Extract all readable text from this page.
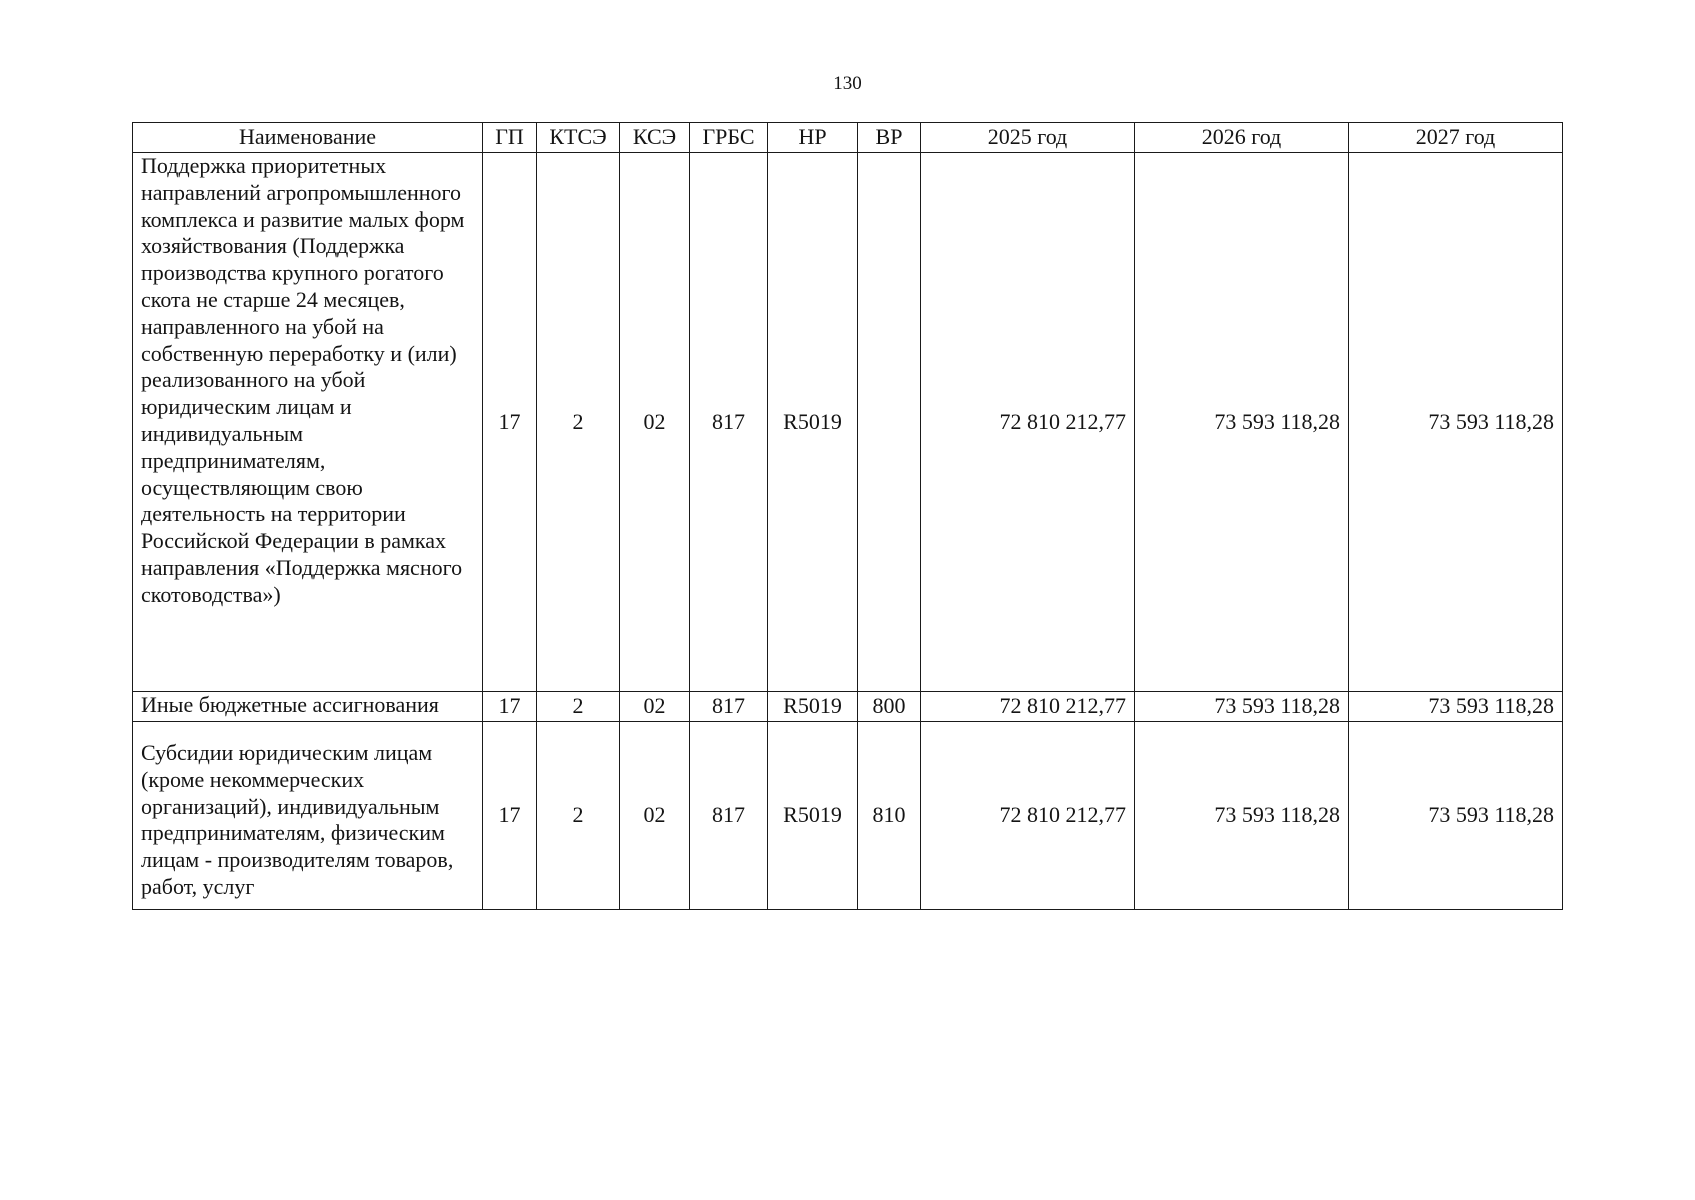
130
Наименование	ГП	КТСЭ	КСЭ	ГРБС	НР	ВР	2025 год	2026 год	2027 год
Поддержка приоритетных направлений агропромышленного комплекса и развитие малых форм хозяйствования (Поддержка производства крупного рогатого скота не старше 24 месяцев, направленного на убой на собственную переработку и (или) реализованного на убой юридическим лицам и индивидуальным предпринимателям, осуществляющим свою деятельность на территории Российской Федерации в рамках направления «Поддержка мясного скотоводства»)	17	2	02	817	R5019		72 810 212,77	73 593 118,28	73 593 118,28
Иные бюджетные ассигнования	17	2	02	817	R5019	800	72 810 212,77	73 593 118,28	73 593 118,28
Субсидии юридическим лицам (кроме некоммерческих организаций), индивидуальным предпринимателям, физическим лицам - производителям товаров, работ, услуг	17	2	02	817	R5019	810	72 810 212,77	73 593 118,28	73 593 118,28
